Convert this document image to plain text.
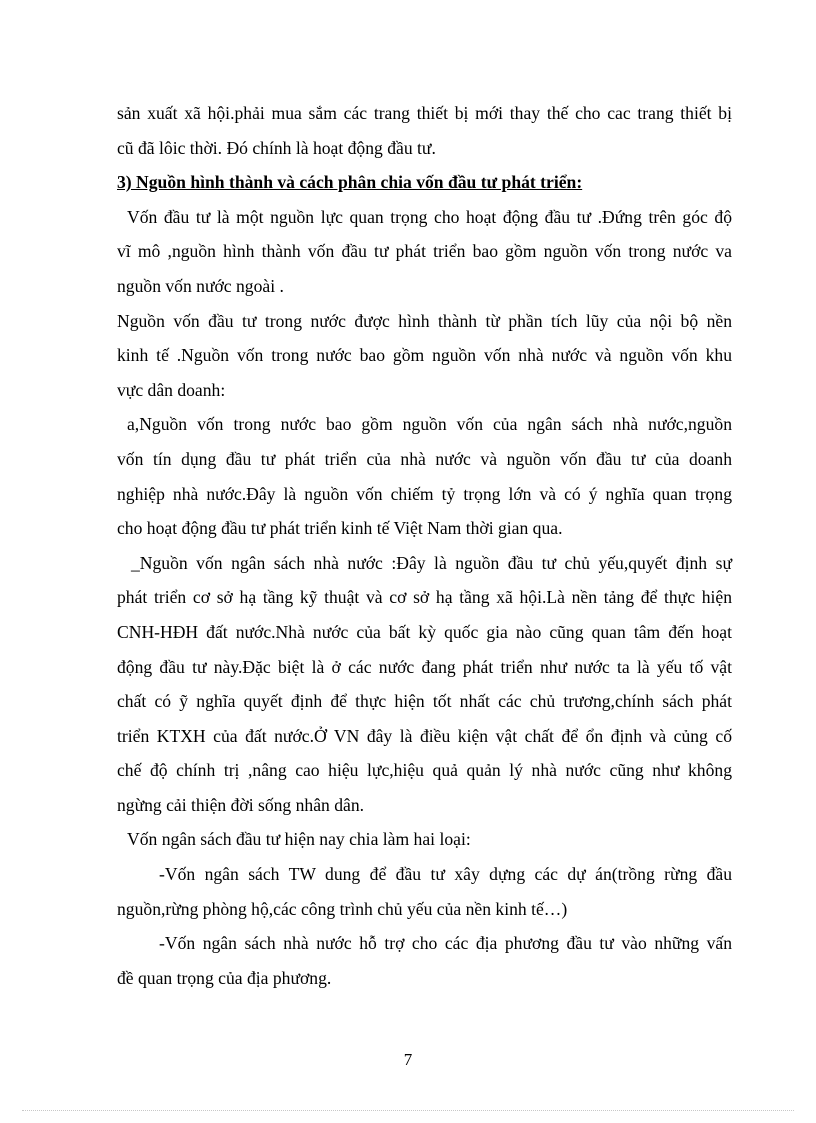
sản xuất xã hội.phải mua sắm các trang thiết bị mới thay thế cho cac trang thiết bị
cũ đã lôic thời. Đó chính là hoạt động đầu tư.
3) Nguồn hình thành và cách phân chia vốn đầu tư phát triển:
Vốn đầu tư là một nguồn lực quan trọng cho hoạt động đầu tư .Đứng trên góc độ
vĩ mô ,nguồn hình thành vốn đầu tư phát triển bao gồm nguồn vốn trong nước va
nguồn vốn nước ngoài .
Nguồn vốn đầu tư trong nước được hình thành từ phần tích lũy của nội bộ nền
kinh tế .Nguồn vốn trong nước bao gồm nguồn vốn nhà nước và nguồn vốn khu
vực dân doanh:
a,Nguồn vốn trong nước bao gồm nguồn vốn của ngân sách nhà nước,nguồn
vốn tín dụng đầu tư phát triển của nhà nước và nguồn vốn đầu tư của doanh
nghiệp nhà nước.Đây là nguồn vốn chiếm tỷ trọng lớn và có ý nghĩa quan trọng
cho hoạt động đầu tư phát triển kinh tế Việt Nam thời gian qua.
_Nguồn vốn ngân sách nhà nước :Đây là nguồn đầu tư chủ yếu,quyết định sự
phát triển cơ sở hạ tầng kỹ thuật và cơ sở hạ tầng xã hội.Là nền tảng để thực hiện
CNH-HĐH đất nước.Nhà nước của bất kỳ quốc gia nào cũng quan tâm đến hoạt
động đầu tư này.Đặc biệt là ở các nước đang phát triển như nước ta là yếu tố vật
chất có ỹ nghĩa quyết định để thực hiện tốt nhất các chủ trương,chính sách phát
triển KTXH của đất nước.Ở VN đây là điều kiện vật chất để ổn định và củng cố
chế độ chính trị ,nâng cao hiệu lực,hiệu quả quản lý nhà nước cũng như không
ngừng cải thiện đời sống nhân dân.
Vốn ngân sách đầu tư hiện nay chia làm hai loại:
-Vốn ngân sách TW dung để đầu tư xây dựng các dự án(trồng rừng đầu
nguồn,rừng phòng hộ,các công trình chủ yếu của nền kinh tế…)
-Vốn ngân sách nhà nước hỗ trợ cho các địa phương đầu tư vào những vấn
đề quan trọng của địa phương.
7
